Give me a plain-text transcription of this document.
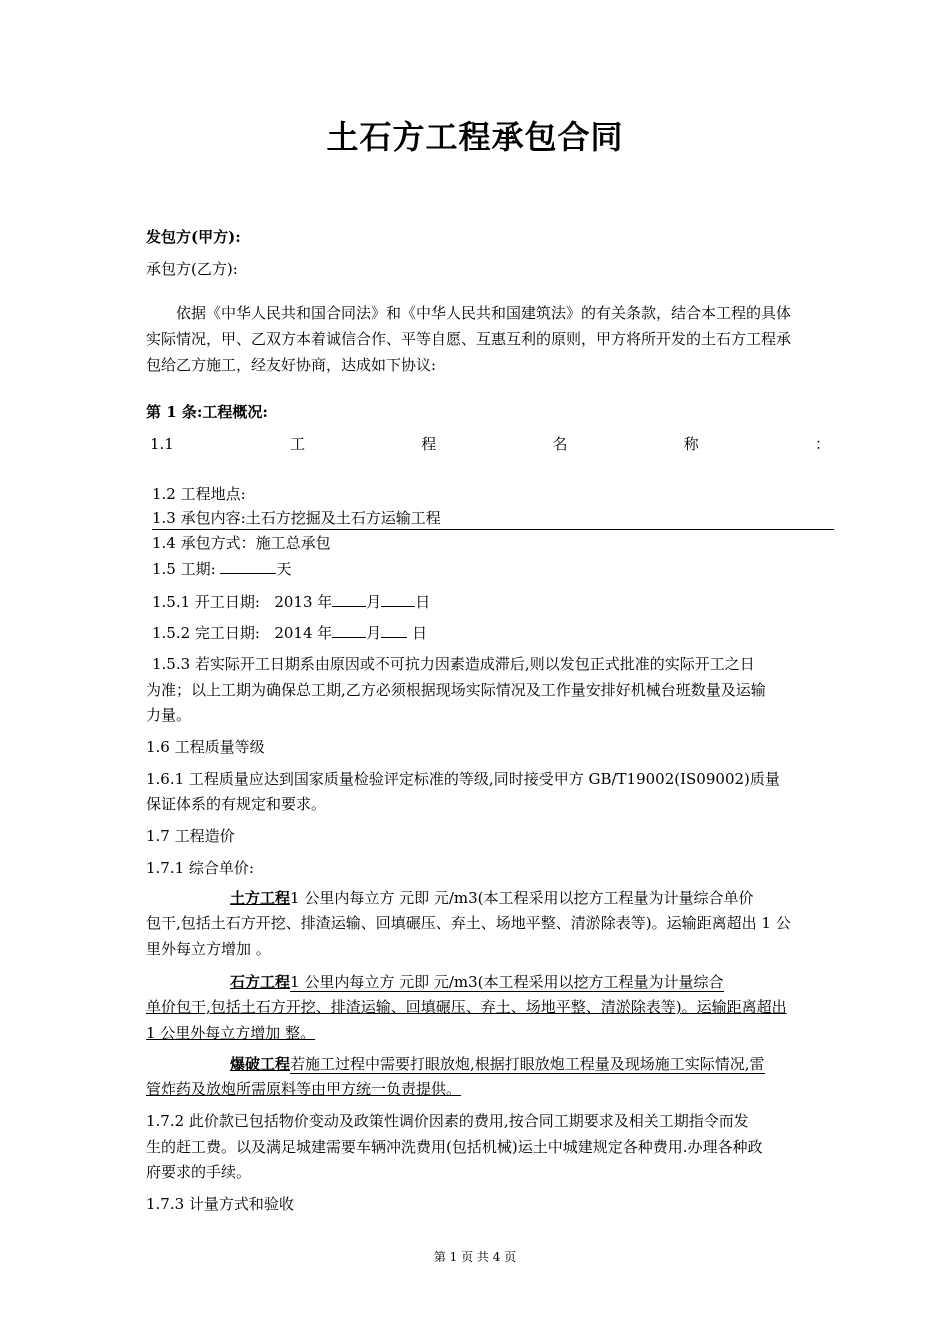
土石方工程承包合同
发包方(甲方):
承包方(乙方):
依据《中华人民共和国合同法》和《中华人民共和国建筑法》的有关条款，结合本工程的具体
实际情况，甲、乙双方本着诚信合作、平等自愿、互惠互利的原则，甲方将所开发的土石方工程承
包给乙方施工，经友好协商，达成如下协议:
第 1 条:工程概况:
1.1	工	程	名	称	：
1.2 工程地点:
1.3 承包内容:土石方挖掘及土石方运输工程
1.4 承包方式：施工总承包
1.5 工期:	天
1.5.1 开工日期: 2013 年 月 日
1.5.2 完工日期: 2014 年 月 日
1.5.3 若实际开工日期系由原因或不可抗力因素造成滞后,则以发包正式批准的实际开工之日
为准；以上工期为确保总工期,乙方必须根据现场实际情况及工作量安排好机械台班数量及运输
力量。
1.6 工程质量等级
1.6.1 工程质量应达到国家质量检验评定标准的等级,同时接受甲方 GB/T19002(IS09002)质量
保证体系的有规定和要求。
1.7 工程造价
1.7.1 综合单价:
土方工程1 公里内每立方 元即 元/m3(本工程采用以挖方工程量为计量综合单价
包干,包括土石方开挖、排渣运输、回填碾压、弃土、场地平整、清淤除表等)。运输距离超出 1 公
里外每立方增加 。
石方工程1 公里内每立方 元即 元/m3(本工程采用以挖方工程量为计量综合
单价包干,包括土石方开挖、排渣运输、回填碾压、弃土、场地平整、清淤除表等)。运输距离超出
1 公里外每立方增加 整。
爆破工程若施工过程中需要打眼放炮,根据打眼放炮工程量及现场施工实际情况,雷
管炸药及放炮所需原料等由甲方统一负责提供。
1.7.2 此价款已包括物价变动及政策性调价因素的费用,按合同工期要求及相关工期指令而发
生的赶工费。以及满足城建需要车辆冲洗费用(包括机械)运土中城建规定各种费用.办理各种政
府要求的手续。
1.7.3 计量方式和验收
第 1 页 共 4 页
